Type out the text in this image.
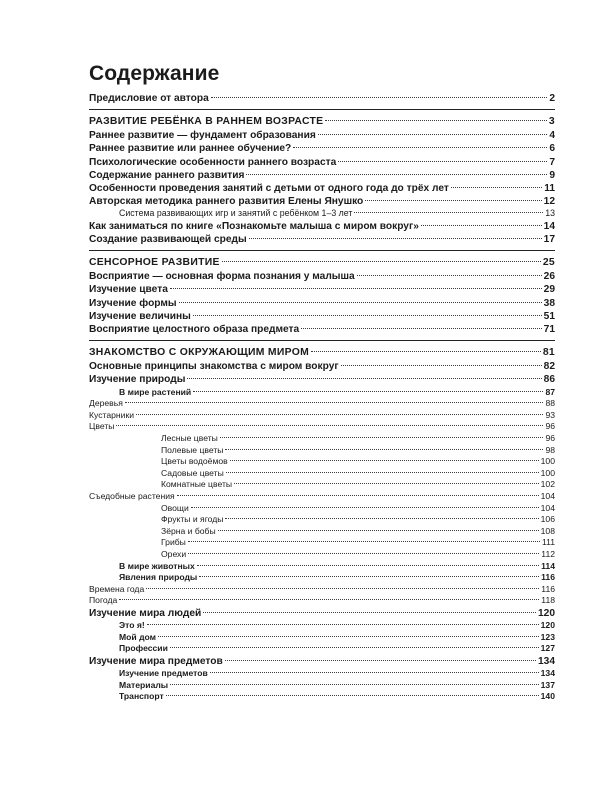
Содержание
Предисловие от автора	2
РАЗВИТИЕ РЕБЁНКА В РАННЕМ ВОЗРАСТЕ	3
Раннее развитие — фундамент образования	4
Раннее развитие или раннее обучение?	6
Психологические особенности раннего возраста	7
Содержание раннего развития	9
Особенности проведения занятий с детьми от одного года до трёх лет	11
Авторская методика раннего развития Елены Янушко	12
Система развивающих игр и занятий с ребёнком 1–3 лет	13
Как заниматься по книге «Познакомьте малыша с миром вокруг»	14
Создание развивающей среды	17
СЕНСОРНОЕ РАЗВИТИЕ	25
Восприятие — основная форма познания у малыша	26
Изучение цвета	29
Изучение формы	38
Изучение величины	51
Восприятие целостного образа предмета	71
ЗНАКОМСТВО С ОКРУЖАЮЩИМ МИРОМ	81
Основные принципы знакомства с миром вокруг	82
Изучение природы	86
В мире растений	87
Деревья	88
Кустарники	93
Цветы	96
Лесные цветы	96
Полевые цветы	98
Цветы водоёмов	100
Садовые цветы	100
Комнатные цветы	102
Съедобные растения	104
Овощи	104
Фрукты и ягоды	106
Зёрна и бобы	108
Грибы	111
Орехи	112
В мире животных	114
Явления природы	116
Времена года	116
Погода	118
Изучение мира людей	120
Это я!	120
Мой дом	123
Профессии	127
Изучение мира предметов	134
Изучение предметов	134
Материалы	137
Транспорт	140
